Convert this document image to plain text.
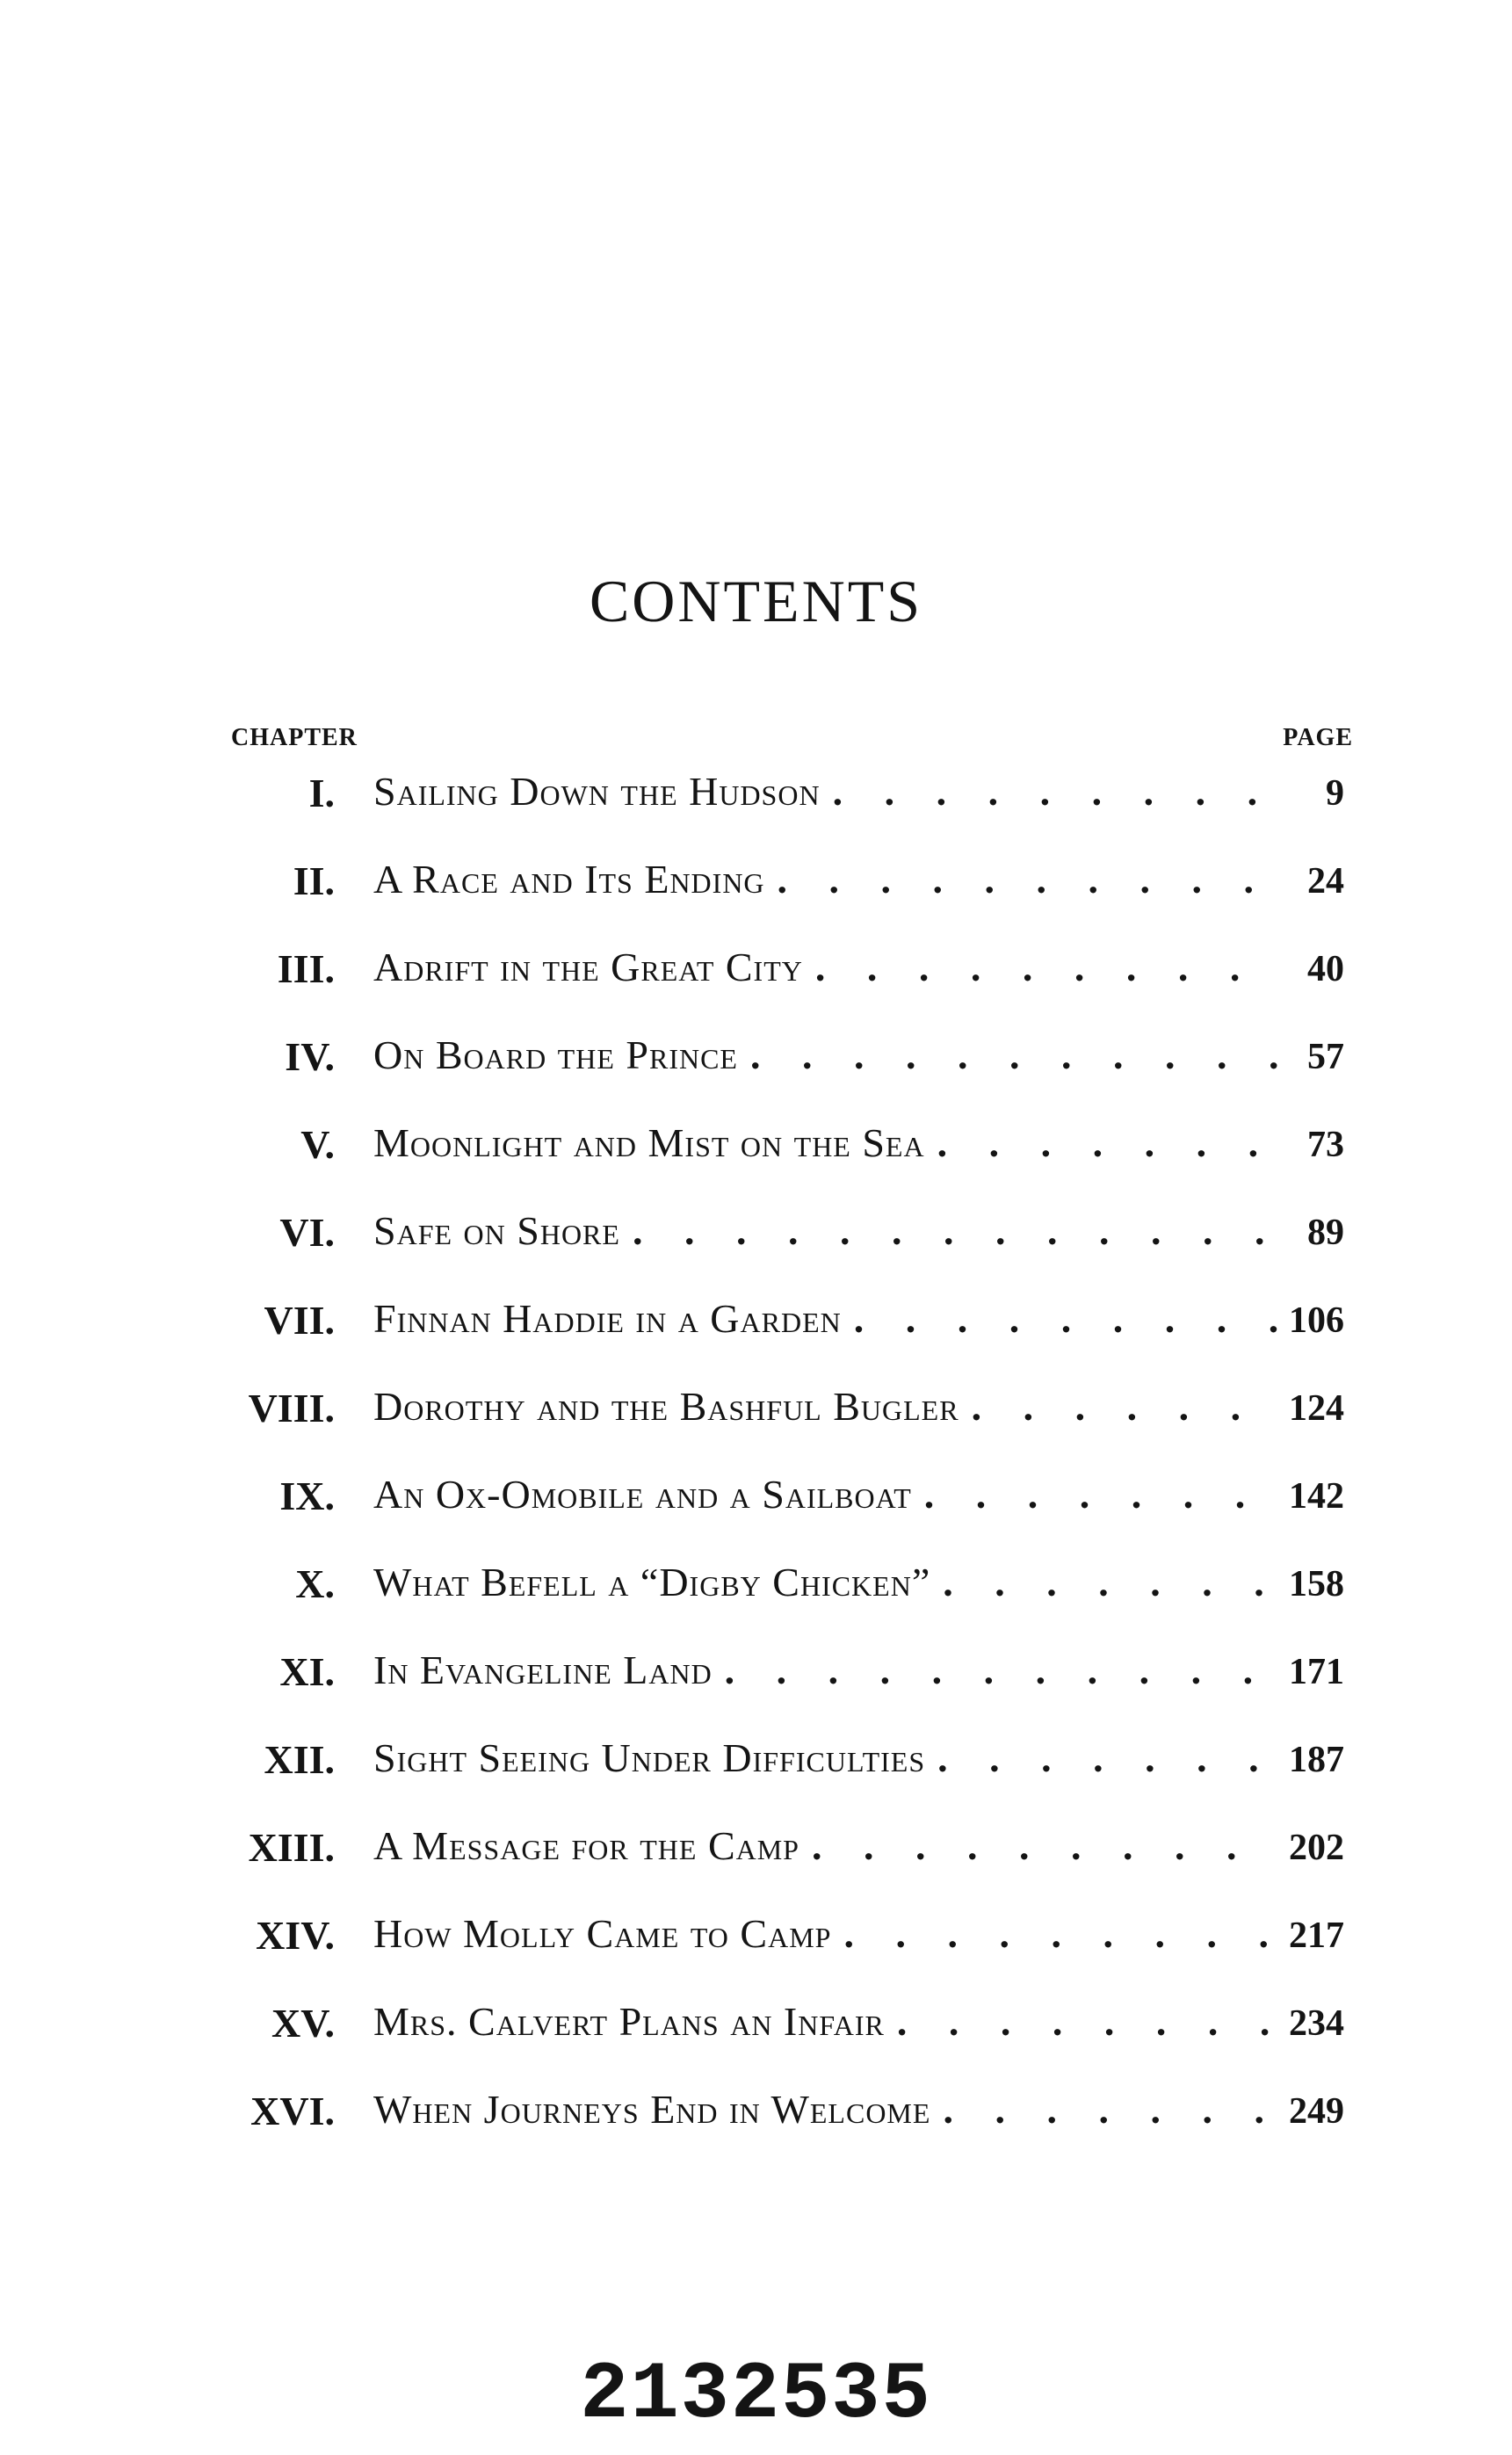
CONTENTS
CHAPTER	PAGE
I. Sailing Down the Hudson . . .	9
II. A Race and Its Ending . . .	24
III. Adrift in the Great City . . .	40
IV. On Board the Prince . . .	57
V. Moonlight and Mist on the Sea . . .	73
VI. Safe on Shore . . .	89
VII. Finnan Haddie in a Garden . . .	106
VIII. Dorothy and the Bashful Bugler . . .	124
IX. An Ox-Omobile and a Sailboat . . .	142
X. What Befell a “Digby Chicken” . . .	158
XI. In Evangeline Land . . .	171
XII. Sight Seeing Under Difficulties . . .	187
XIII. A Message for the Camp . . .	202
XIV. How Molly Came to Camp . . .	217
XV. Mrs. Calvert Plans an Infair . . .	234
XVI. When Journeys End in Welcome . . .	249
2132535
